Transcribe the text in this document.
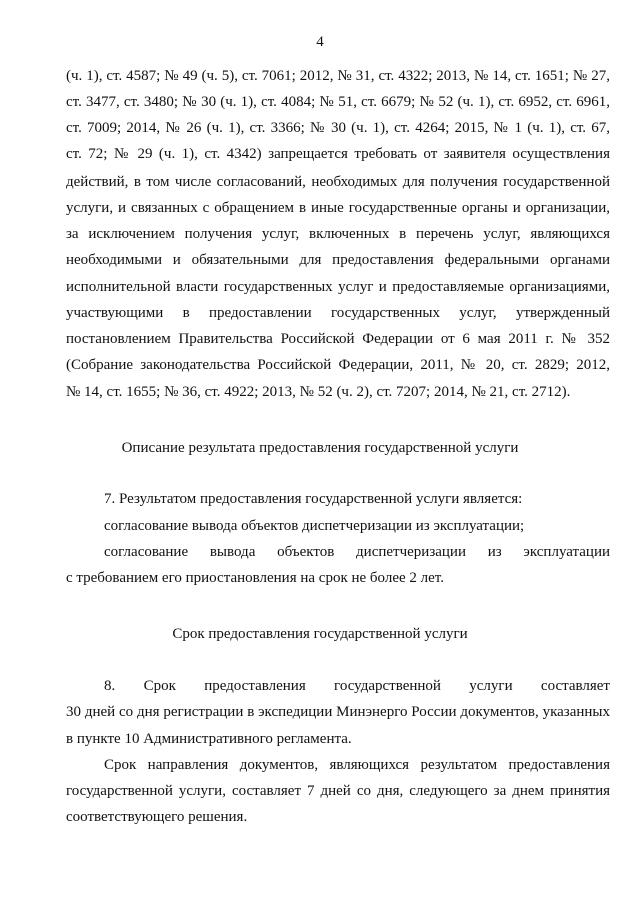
4
(ч. 1), ст. 4587; № 49 (ч. 5), ст. 7061; 2012, № 31, ст. 4322; 2013, № 14, ст. 1651; № 27,
ст. 3477, ст. 3480; № 30 (ч. 1), ст. 4084; № 51, ст. 6679; № 52 (ч. 1), ст. 6952, ст. 6961,
ст. 7009; 2014, № 26 (ч. 1), ст. 3366; № 30 (ч. 1), ст. 4264; 2015, № 1 (ч. 1), ст. 67,
ст. 72; № 29 (ч. 1), ст. 4342) запрещается требовать от заявителя осуществления
действий, в том числе согласований, необходимых для получения государственной
услуги, и связанных с обращением в иные государственные органы и организации,
за исключением получения услуг, включенных в перечень услуг, являющихся
необходимыми и обязательными для предоставления федеральными органами
исполнительной власти государственных услуг и предоставляемые организациями,
участвующими в предоставлении государственных услуг, утвержденный
постановлением Правительства Российской Федерации от 6 мая 2011 г. № 352
(Собрание законодательства Российской Федерации, 2011, № 20, ст. 2829; 2012,
№ 14, ст. 1655; № 36, ст. 4922; 2013, № 52 (ч. 2), ст. 7207; 2014, № 21, ст. 2712).
Описание результата предоставления государственной услуги
7. Результатом предоставления государственной услуги является:
согласование вывода объектов диспетчеризации из эксплуатации;
согласование вывода объектов диспетчеризации из эксплуатации
с требованием его приостановления на срок не более 2 лет.
Срок предоставления государственной услуги
8. Срок предоставления государственной услуги составляет
30 дней со дня регистрации в экспедиции Минэнерго России документов, указанных
в пункте 10 Административного регламента.
Срок направления документов, являющихся результатом предоставления
государственной услуги, составляет 7 дней со дня, следующего за днем принятия
соответствующего решения.
